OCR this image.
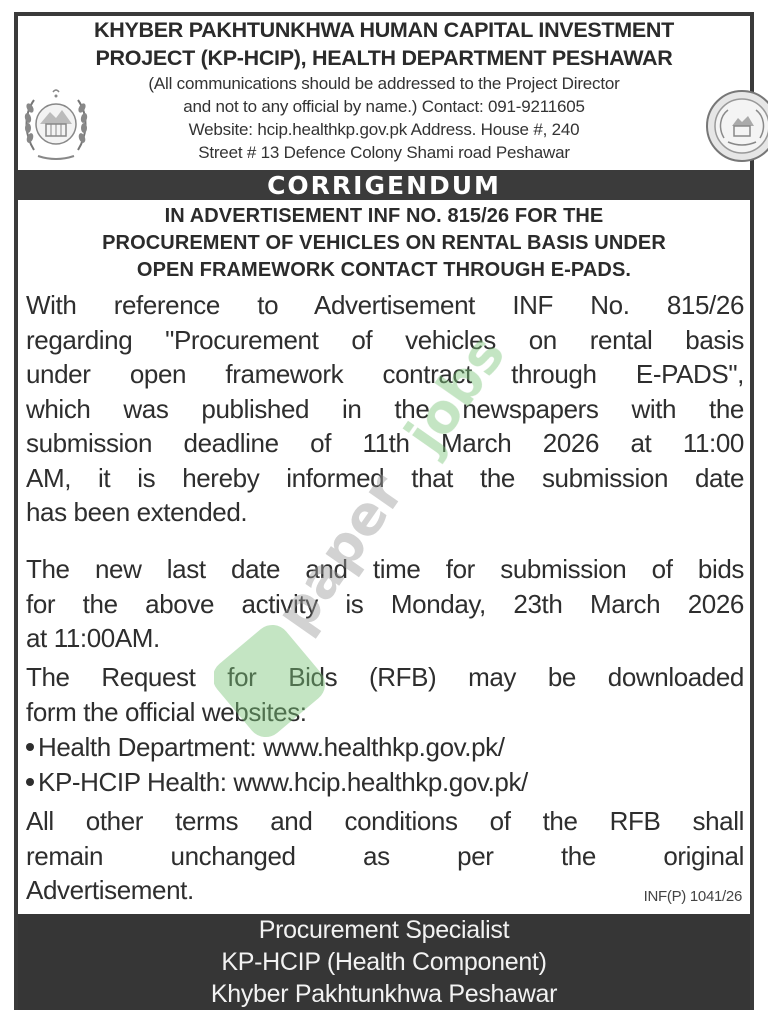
KHYBER PAKHTUNKHWA HUMAN CAPITAL INVESTMENT
PROJECT (KP-HCIP), HEALTH DEPARTMENT PESHAWAR
(All communications should be addressed to the Project Director
and not to any official by name.) Contact: 091-9211605
Website: hcip.healthkp.gov.pk Address. House #, 240
Street # 13 Defence Colony Shami road Peshawar
CORRIGENDUM
IN ADVERTISEMENT INF NO. 815/26 FOR THE
PROCUREMENT OF VEHICLES ON RENTAL BASIS UNDER
OPEN FRAMEWORK CONTACT THROUGH E-PADS.
With reference to Advertisement INF No. 815/26
regarding "Procurement of vehicles on rental basis
under open framework contract through E-PADS",
which was published in the newspapers with the
submission deadline of 11th March 2026 at 11:00
AM, it is hereby informed that the submission date
has been extended.
The new last date and time for submission of bids
for the above activity is Monday, 23th March 2026
at 11:00AM.
The Request for Bids (RFB) may be downloaded
form the official websites:
Health Department: www.healthkp.gov.pk/
KP-HCIP Health: www.hcip.healthkp.gov.pk/
All other terms and conditions of the RFB shall
remain unchanged as per the original
Advertisement.	INF(P) 1041/26
Procurement Specialist
KP-HCIP (Health Component)
Khyber Pakhtunkhwa Peshawar
paper
jobs
